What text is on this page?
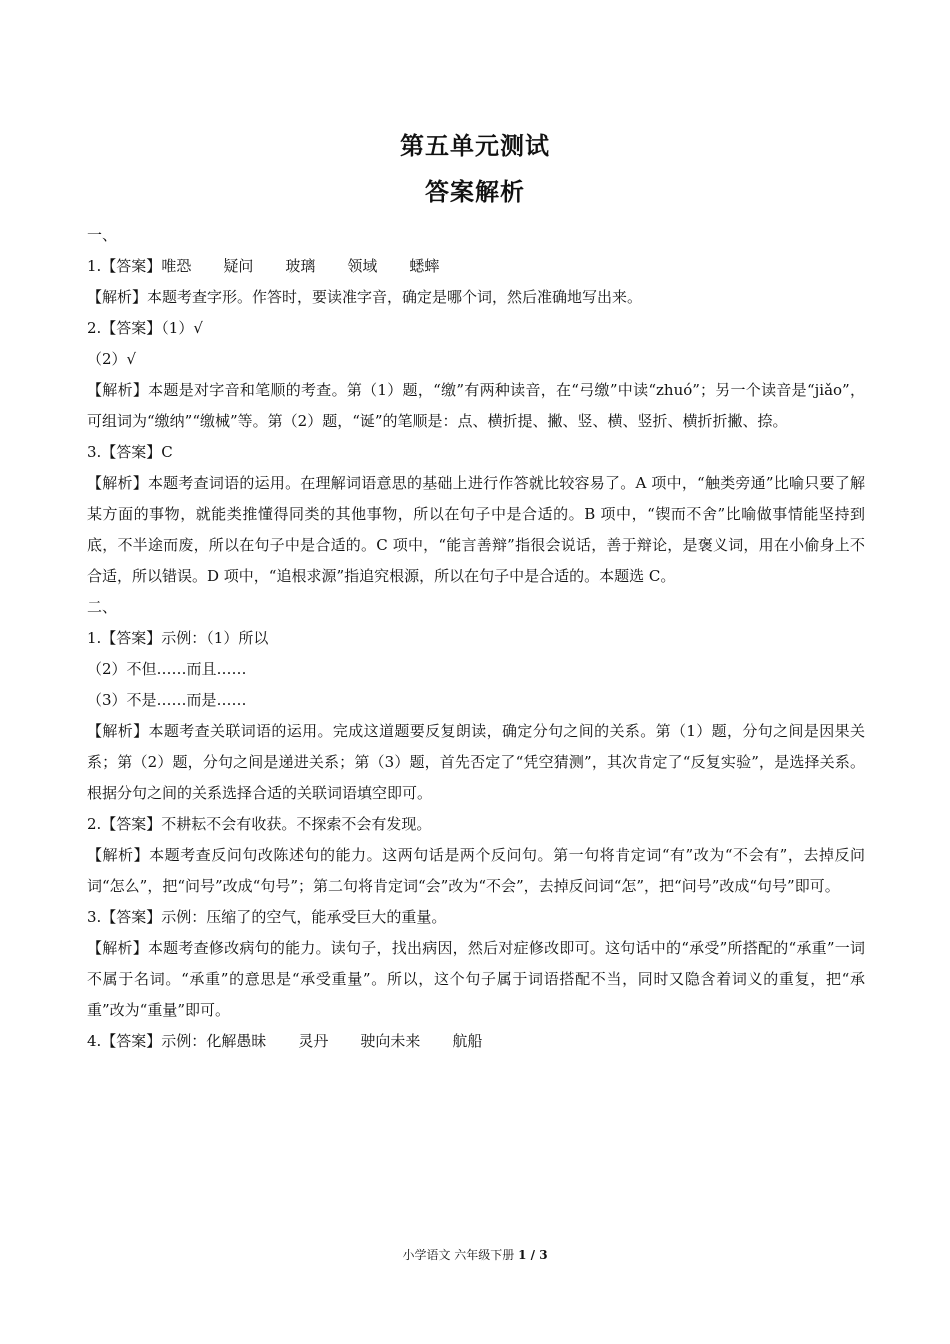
第五单元测试
答案解析
一、
1.【答案】唯恐 疑问 玻璃 领域 蟋蟀
【解析】本题考查字形。作答时，要读准字音，确定是哪个词，然后准确地写出来。
2.【答案】（1）√
（2）√
【解析】本题是对字音和笔顺的考查。第（1）题，“缴”有两种读音，在“弓缴”中读“zhuó”；另一个读音是“jiǎo”，可组词为“缴纳”“缴械”等。第（2）题，“诞”的笔顺是：点、横折提、撇、竖、横、竖折、横折折撇、捺。
3.【答案】C
【解析】本题考查词语的运用。在理解词语意思的基础上进行作答就比较容易了。A 项中，“触类旁通”比喻只要了解某方面的事物，就能类推懂得同类的其他事物，所以在句子中是合适的。B 项中，“锲而不舍”比喻做事情能坚持到底，不半途而废，所以在句子中是合适的。C 项中，“能言善辩”指很会说话，善于辩论，是褒义词，用在小偷身上不合适，所以错误。D 项中，“追根求源”指追究根源，所以在句子中是合适的。本题选 C。
二、
1.【答案】示例：（1）所以
（2）不但……而且……
（3）不是……而是……
【解析】本题考查关联词语的运用。完成这道题要反复朗读，确定分句之间的关系。第（1）题，分句之间是因果关系；第（2）题，分句之间是递进关系；第（3）题，首先否定了“凭空猜测”，其次肯定了“反复实验”，是选择关系。根据分句之间的关系选择合适的关联词语填空即可。
2.【答案】不耕耘不会有收获。不探索不会有发现。
【解析】本题考查反问句改陈述句的能力。这两句话是两个反问句。第一句将肯定词“有”改为“不会有”，去掉反问词“怎么”，把“问号”改成“句号”；第二句将肯定词“会”改为“不会”，去掉反问词“怎”，把“问号”改成“句号”即可。
3.【答案】示例：压缩了的空气，能承受巨大的重量。
【解析】本题考查修改病句的能力。读句子，找出病因，然后对症修改即可。这句话中的“承受”所搭配的“承重”一词不属于名词。“承重”的意思是“承受重量”。所以，这个句子属于词语搭配不当，同时又隐含着词义的重复，把“承重”改为“重量”即可。
4.【答案】示例：化解愚昧 灵丹 驶向未来 航船
小学语文 六年级下册 1 / 3
